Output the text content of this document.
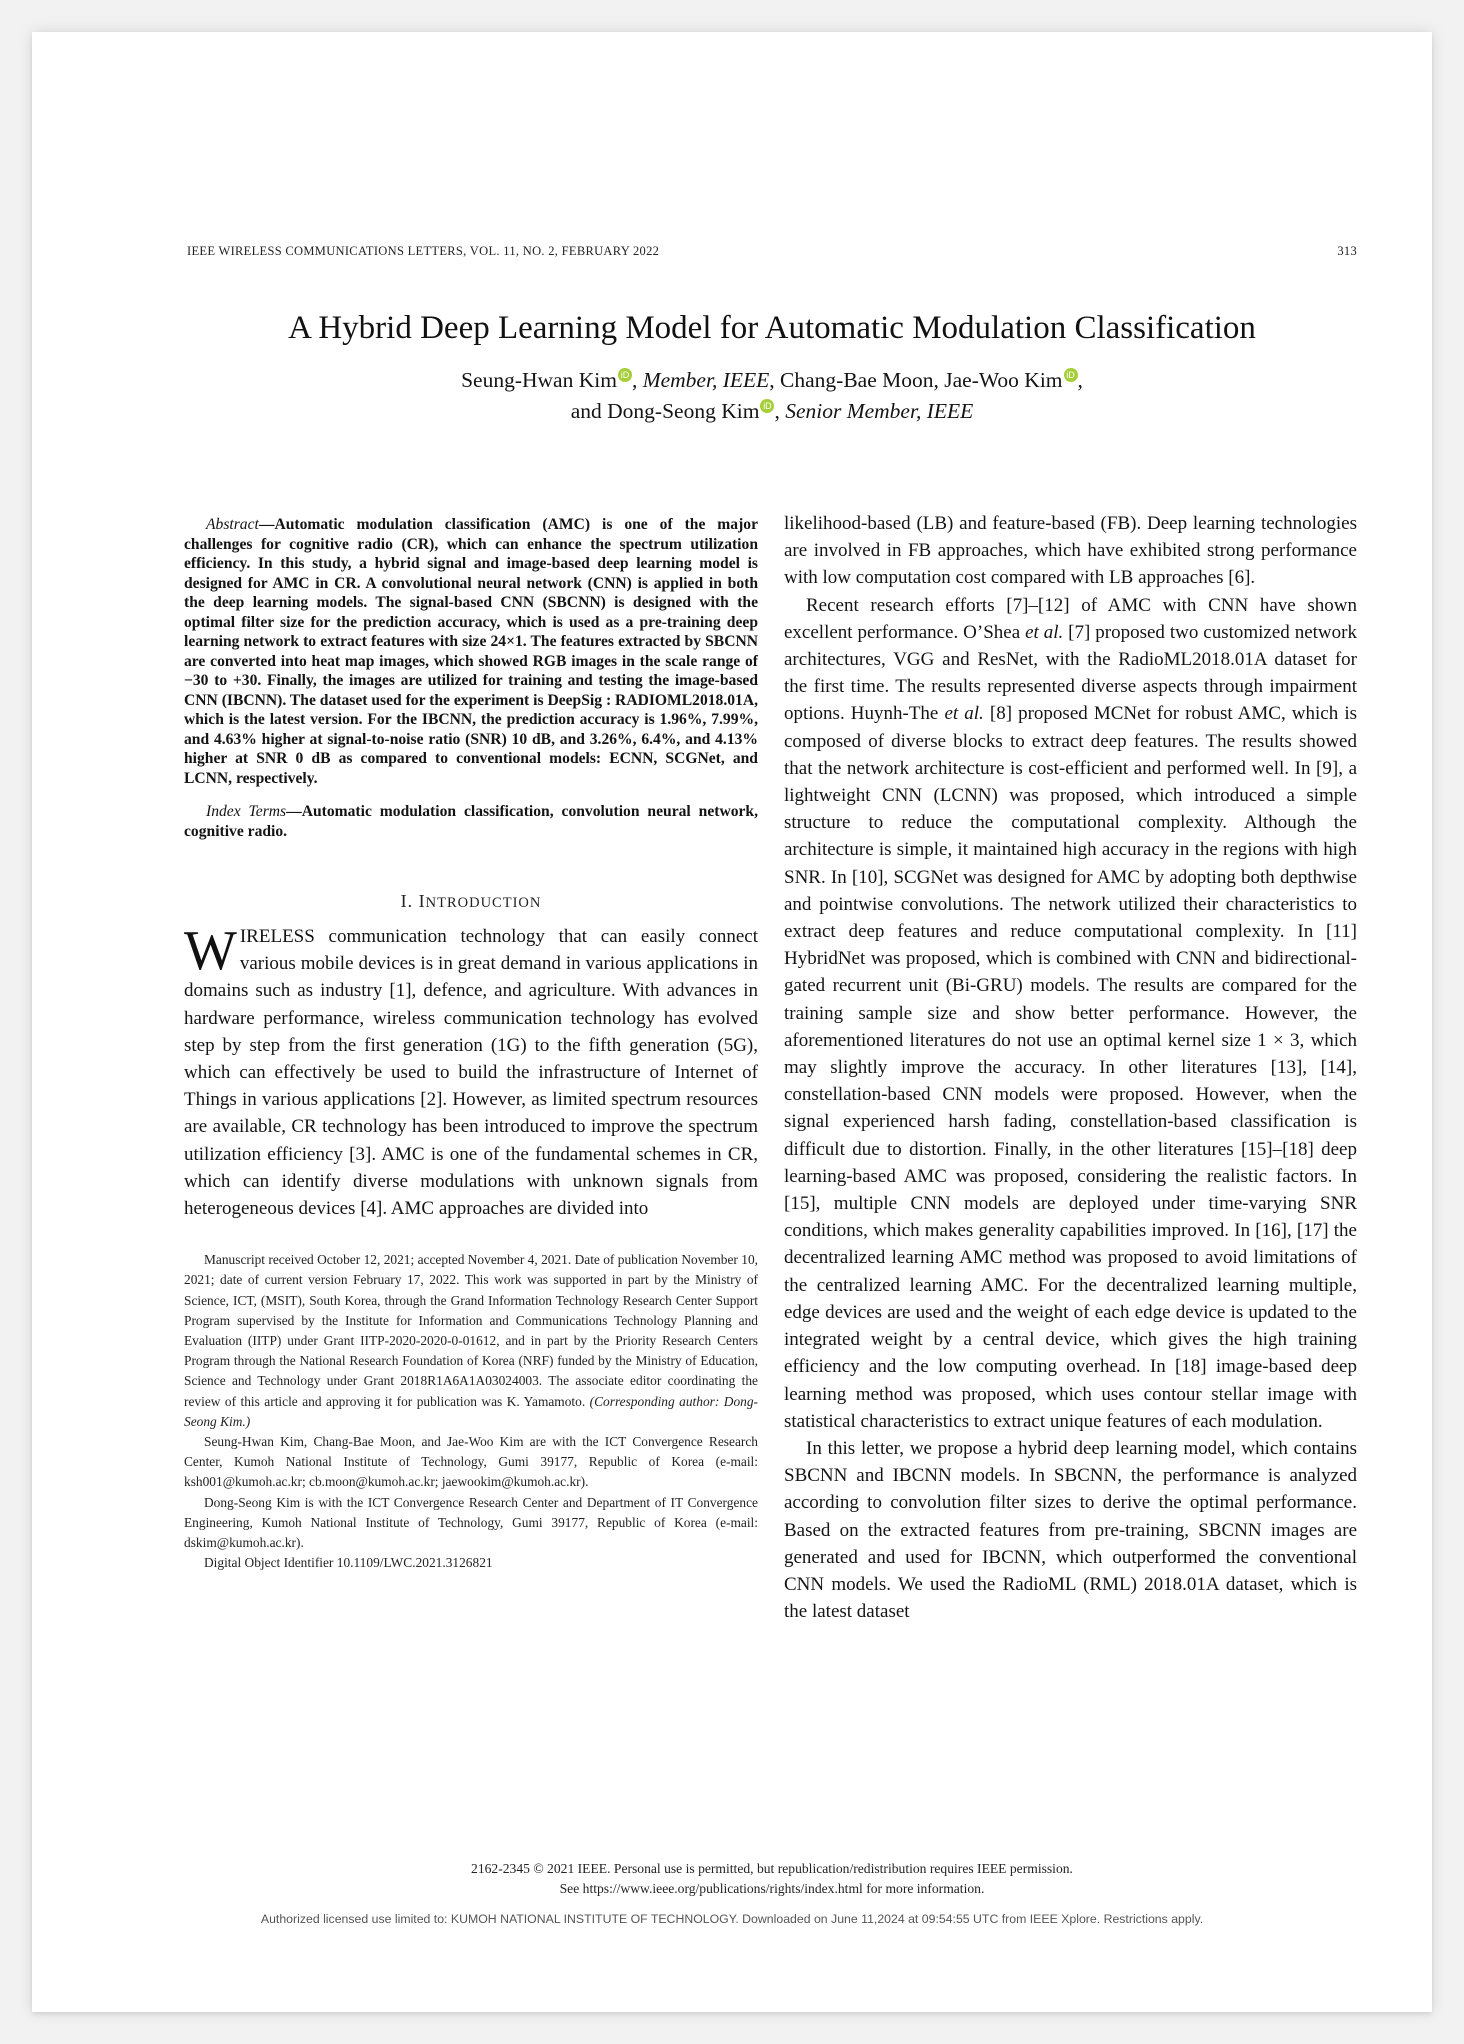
IEEE WIRELESS COMMUNICATIONS LETTERS, VOL. 11, NO. 2, FEBRUARY 2022	313
A Hybrid Deep Learning Model for Automatic Modulation Classification
Seung-Hwan Kim iD , Member, IEEE, Chang-Bae Moon, Jae-Woo Kim iD ,
and Dong-Seong Kim iD , Senior Member, IEEE

Abstract—Automatic modulation classification (AMC) is one of the major challenges for cognitive radio (CR), which can enhance the spectrum utilization efficiency. In this study, a hybrid signal and image-based deep learning model is designed for AMC in CR. A convolutional neural network (CNN) is applied in both the deep learning models. The signal-based CNN (SBCNN) is designed with the optimal filter size for the prediction accuracy, which is used as a pre-training deep learning network to extract features with size 24×1. The features extracted by SBCNN are converted into heat map images, which showed RGB images in the scale range of −30 to +30. Finally, the images are utilized for training and testing the image-based CNN (IBCNN). The dataset used for the experiment is DeepSig : RADIOML2018.01A, which is the latest version. For the IBCNN, the prediction accuracy is 1.96%, 7.99%, and 4.63% higher at signal-to-noise ratio (SNR) 10 dB, and 3.26%, 6.4%, and 4.13% higher at SNR 0 dB as compared to conventional models: ECNN, SCGNet, and LCNN, respectively.

Index Terms—Automatic modulation classification, convolution neural network, cognitive radio.

I. INTRODUCTION

WIRELESS communication technology that can easily connect various mobile devices is in great demand in various applications in domains such as industry [1], defence, and agriculture. With advances in hardware performance, wireless communication technology has evolved step by step from the first generation (1G) to the fifth generation (5G), which can effectively be used to build the infrastructure of Internet of Things in various applications [2]. However, as limited spectrum resources are available, CR technology has been introduced to improve the spectrum utilization efficiency [3]. AMC is one of the fundamental schemes in CR, which can identify diverse modulations with unknown signals from heterogeneous devices [4]. AMC approaches are divided into

Manuscript received October 12, 2021; accepted November 4, 2021. Date of publication November 10, 2021; date of current version February 17, 2022. This work was supported in part by the Ministry of Science, ICT, (MSIT), South Korea, through the Grand Information Technology Research Center Support Program supervised by the Institute for Information and Communications Technology Planning and Evaluation (IITP) under Grant IITP-2020-2020-0-01612, and in part by the Priority Research Centers Program through the National Research Foundation of Korea (NRF) funded by the Ministry of Education, Science and Technology under Grant 2018R1A6A1A03024003. The associate editor coordinating the review of this article and approving it for publication was K. Yamamoto. (Corresponding author: Dong-Seong Kim.)

Seung-Hwan Kim, Chang-Bae Moon, and Jae-Woo Kim are with the ICT Convergence Research Center, Kumoh National Institute of Technology, Gumi 39177, Republic of Korea (e-mail: ksh001@kumoh.ac.kr; cb.moon@kumoh.ac.kr; jaewookim@kumoh.ac.kr).

Dong-Seong Kim is with the ICT Convergence Research Center and Department of IT Convergence Engineering, Kumoh National Institute of Technology, Gumi 39177, Republic of Korea (e-mail: dskim@kumoh.ac.kr).

Digital Object Identifier 10.1109/LWC.2021.3126821

likelihood-based (LB) and feature-based (FB). Deep learning technologies are involved in FB approaches, which have exhibited strong performance with low computation cost compared with LB approaches [6].

Recent research efforts [7]–[12] of AMC with CNN have shown excellent performance. O’Shea et al. [7] proposed two customized network architectures, VGG and ResNet, with the RadioML2018.01A dataset for the first time. The results represented diverse aspects through impairment options. Huynh-The et al. [8] proposed MCNet for robust AMC, which is composed of diverse blocks to extract deep features. The results showed that the network architecture is cost-efficient and performed well. In [9], a lightweight CNN (LCNN) was proposed, which introduced a simple structure to reduce the computational complexity. Although the architecture is simple, it maintained high accuracy in the regions with high SNR. In [10], SCGNet was designed for AMC by adopting both depthwise and pointwise convolutions. The network utilized their characteristics to extract deep features and reduce computational complexity. In [11] HybridNet was proposed, which is combined with CNN and bidirectional-gated recurrent unit (Bi-GRU) models. The results are compared for the training sample size and show better performance. However, the aforementioned literatures do not use an optimal kernel size 1 × 3, which may slightly improve the accuracy. In other literatures [13], [14], constellation-based CNN models were proposed. However, when the signal experienced harsh fading, constellation-based classification is difficult due to distortion. Finally, in the other literatures [15]–[18] deep learning-based AMC was proposed, considering the realistic factors. In [15], multiple CNN models are deployed under time-varying SNR conditions, which makes generality capabilities improved. In [16], [17] the decentralized learning AMC method was proposed to avoid limitations of the centralized learning AMC. For the decentralized learning multiple, edge devices are used and the weight of each edge device is updated to the integrated weight by a central device, which gives the high training efficiency and the low computing overhead. In [18] image-based deep learning method was proposed, which uses contour stellar image with statistical characteristics to extract unique features of each modulation.

In this letter, we propose a hybrid deep learning model, which contains SBCNN and IBCNN models. In SBCNN, the performance is analyzed according to convolution filter sizes to derive the optimal performance. Based on the extracted features from pre-training, SBCNN images are generated and used for IBCNN, which outperformed the conventional CNN models. We used the RadioML (RML) 2018.01A dataset, which is the latest dataset

2162-2345 © 2021 IEEE. Personal use is permitted, but republication/redistribution requires IEEE permission.
See https://www.ieee.org/publications/rights/index.html for more information.
Authorized licensed use limited to: KUMOH NATIONAL INSTITUTE OF TECHNOLOGY. Downloaded on June 11,2024 at 09:54:55 UTC from IEEE Xplore. Restrictions apply.
